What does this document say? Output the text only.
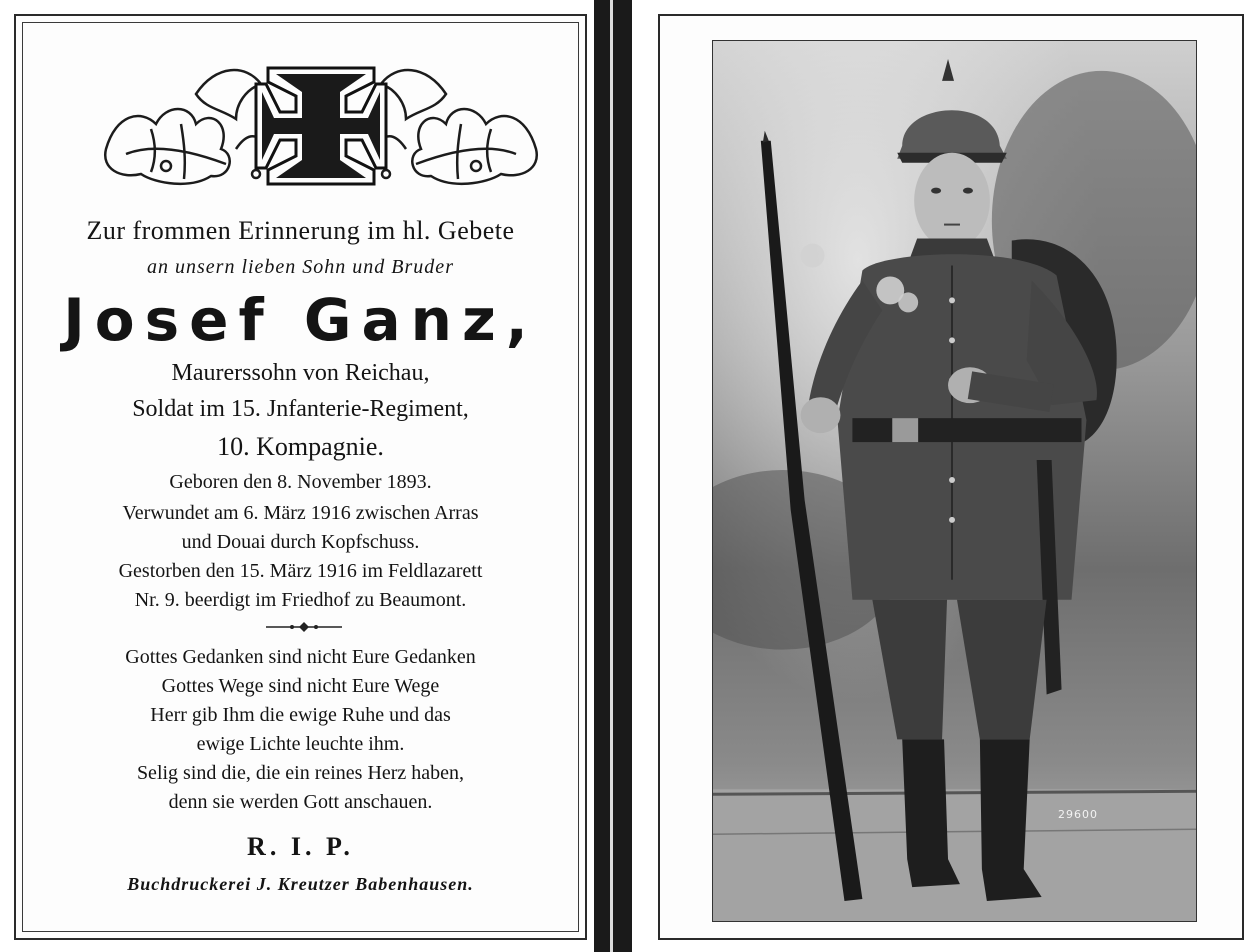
Zur frommen Erinnerung im hl. Gebete
an unsern lieben Sohn und Bruder
Josef Ganz,
Maurerssohn von Reichau,
Soldat im 15. Jnfanterie-Regiment,
10. Kompagnie.
Geboren den 8. November 1893.
Verwundet am 6. März 1916 zwischen Arras
und Douai durch Kopfschuss.
Gestorben den 15. März 1916 im Feldlazarett
Nr. 9. beerdigt im Friedhof zu Beaumont.
Gottes Gedanken sind nicht Eure Gedanken
Gottes Wege sind nicht Eure Wege
Herr gib Ihm die ewige Ruhe und das
ewige Lichte leuchte ihm.
Selig sind die, die ein reines Herz haben,
denn sie werden Gott anschauen.
R. I. P.
Buchdruckerei J. Kreutzer Babenhausen.
29600
